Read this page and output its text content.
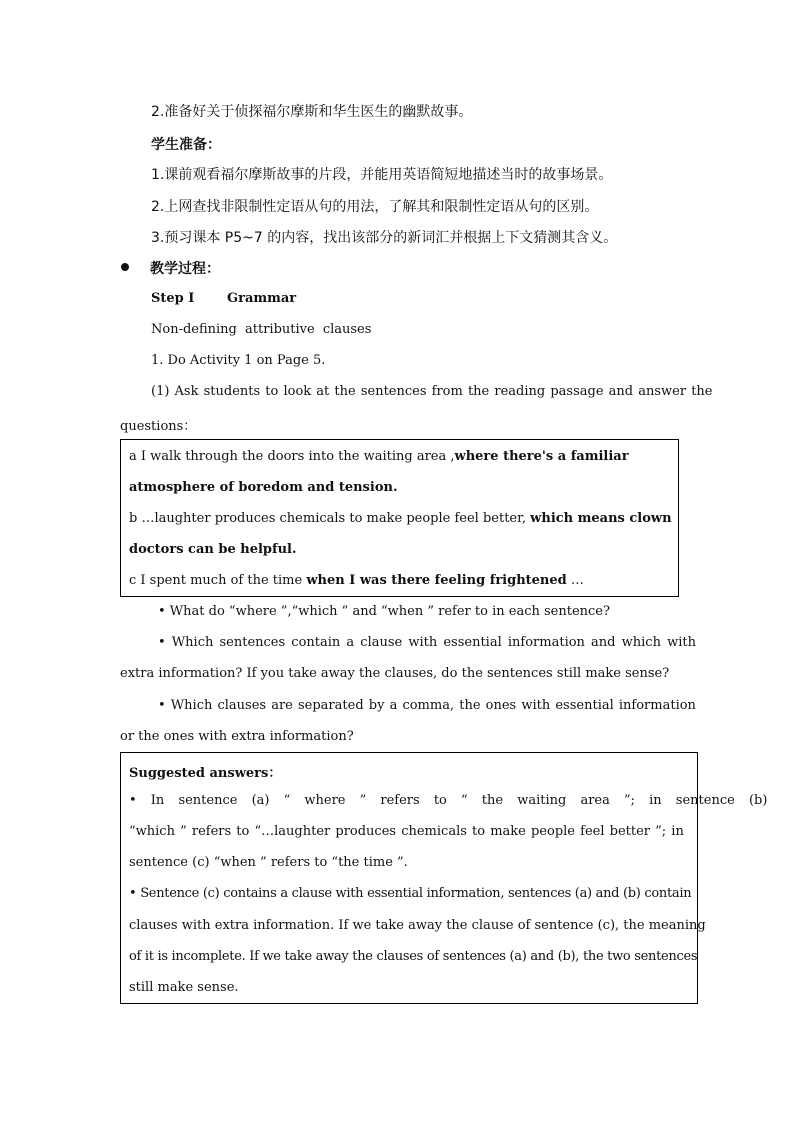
2.准备好关于侦探福尔摩斯和华生医生的幽默故事。
学生准备：
1.课前观看福尔摩斯故事的片段，并能用英语简短地描述当时的故事场景。
2.上网查找非限制性定语从句的用法，了解其和限制性定语从句的区别。
3.预习课本 P5~7 的内容，找出该部分的新词汇并根据上下文猜测其含义。
教学过程：
Step Ⅰ	Grammar
Non-defining attributive clauses
1. Do Activity 1 on Page 5.
(1) Ask students to look at the sentences from the reading passage and answer the
questions：
a I walk through the doors into the waiting area ,where there's a familiar
atmosphere of boredom and tension.
b …laughter produces chemicals to make people feel better, which means clown
doctors can be helpful.
c I spent much of the time when I was there feeling frightened …
• What do “where ”,“which ” and “when ” refer to in each sentence?
• Which sentences contain a clause with essential information and which with
extra information? If you take away the clauses, do the sentences still make sense?
• Which clauses are separated by a comma, the ones with essential information
or the ones with extra information?
Suggested answers：
• In sentence (a) “ where ” refers to “ the waiting area ”; in sentence (b)
“which ” refers to “…laughter produces chemicals to make people feel better ”; in
sentence (c) “when ” refers to “the time ”.
• Sentence (c) contains a clause with essential information, sentences (a) and (b) contain
clauses with extra information. If we take away the clause of sentence (c), the meaning
of it is incomplete. If we take away the clauses of sentences (a) and (b), the two sentences
still make sense.
